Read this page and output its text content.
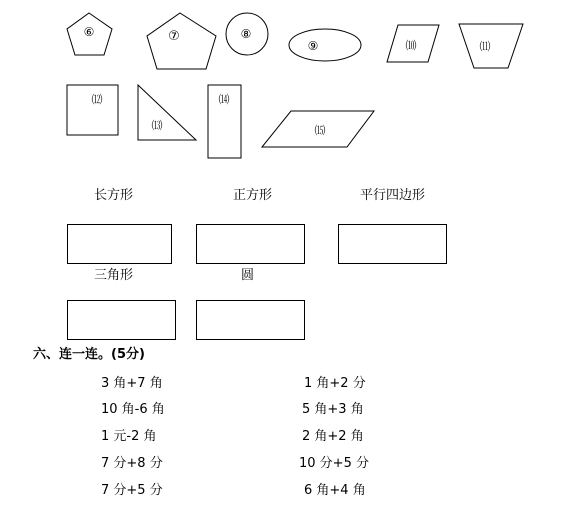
⑥	⑦	⑧
⑨	⑽	⑾
⑿
⒀
⒁
⒂
长方形	正方形	平行四边形
三角形	圆
六、连一连。(5分)
3 角+7 角
10 角-6 角
1 元-2 角
7 分+8 分
7 分+5 分
1 角+2 分
5 角+3 角
2 角+2 角
10 分+5 分
6 角+4 角
